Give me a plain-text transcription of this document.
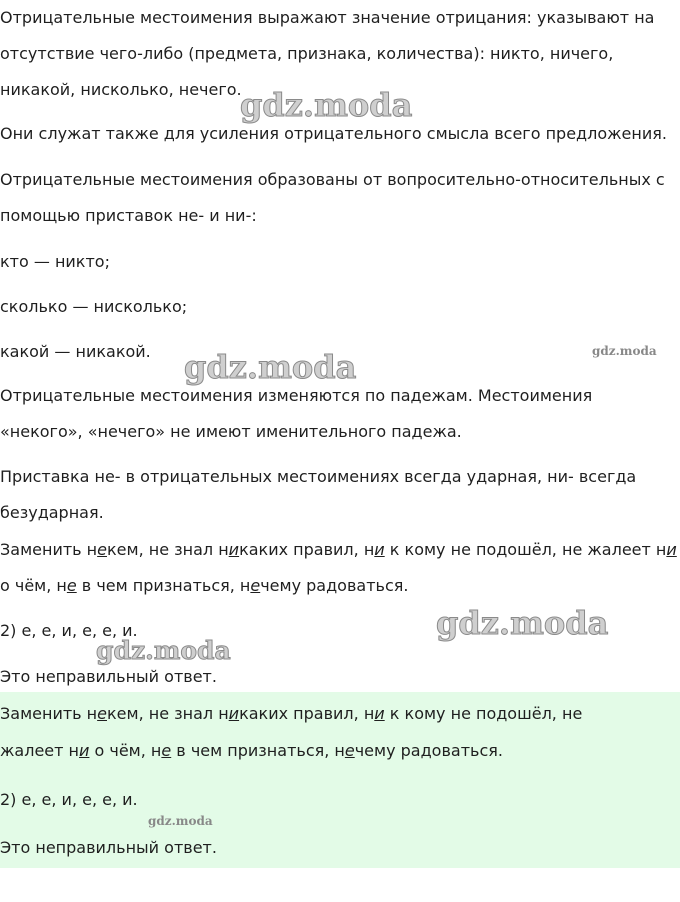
Отрицательные местоимения выражают значение отрицания: указывают на
отсутствие чего-либо (предмета, признака, количества): никто, ничего,
никакой, нисколько, нечего.
Они служат также для усиления отрицательного смысла всего предложения.
Отрицательные местоимения образованы от вопросительно-относительных с
помощью приставок не- и ни-:
кто — никто;
сколько — нисколько;
какой — никакой.
Отрицательные местоимения изменяются по падежам. Местоимения
«некого», «нечего» не имеют именительного падежа.
Приставка не- в отрицательных местоимениях всегда ударная, ни- всегда
безударная.
Заменить некем, не знал никаких правил, ни к кому не подошёл, не жалеет ни
о чём, не в чем признаться, нечему радоваться.
2) е, е, и, е, е, и.
Это неправильный ответ.
Заменить некем, не знал никаких правил, ни к кому не подошёл, не
жалеет ни о чём, не в чем признаться, нечему радоваться.
2) е, е, и, е, е, и.
Это неправильный ответ.
gdz.moda
gdz.moda
gdz.moda
gdz.moda
gdz.moda
gdz.moda
